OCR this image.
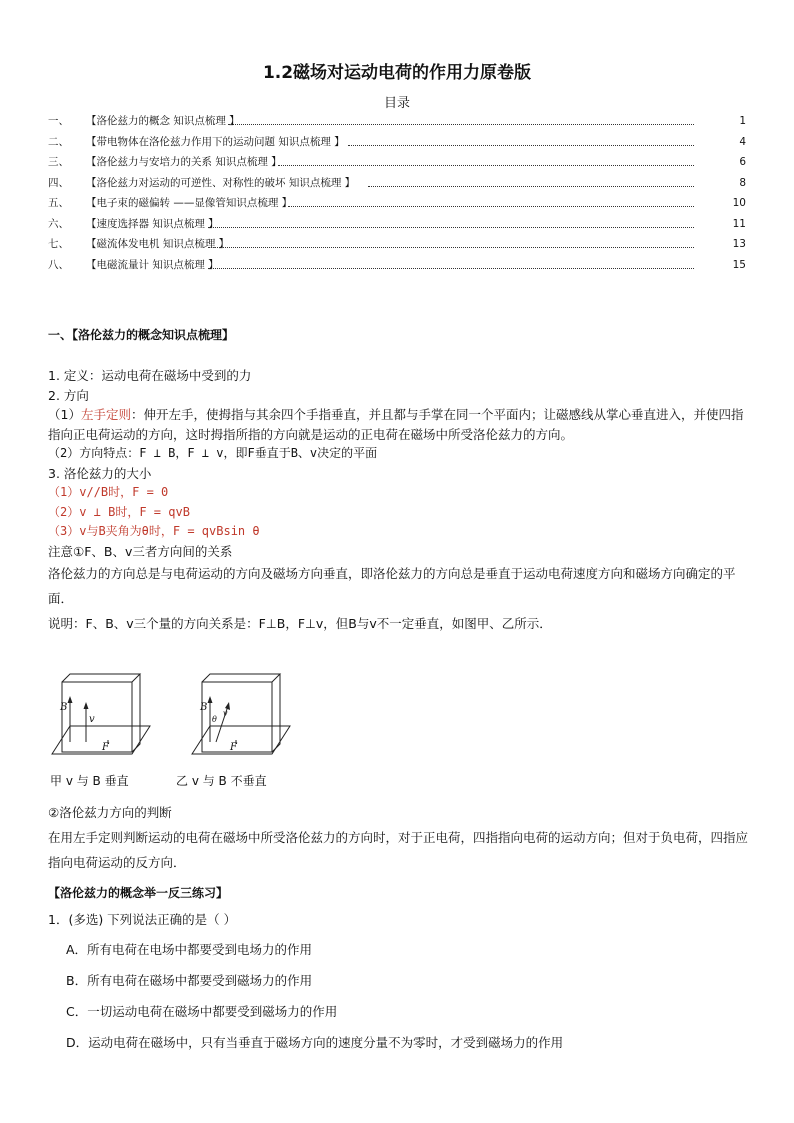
1.2磁场对运动电荷的作用力原卷版
目录
一、	【洛伦兹力的概念 知识点梳理 】	1
二、	【带电物体在洛伦兹力作用下的运动问题 知识点梳理 】	4
三、	【洛伦兹力与安培力的关系 知识点梳理 】	6
四、	【洛伦兹力对运动的可逆性、对称性的破坏 知识点梳理 】	8
五、	【电子束的磁偏转 ——显像管知识点梳理 】	10
六、	【速度选择器 知识点梳理 】	11
七、	【磁流体发电机 知识点梳理 】	13
八、	【电磁流量计 知识点梳理 】	15
一、【洛伦兹力的概念知识点梳理】

1. 定义：运动电荷在磁场中受到的力

2. 方向

（1）左手定则：伸开左手，使拇指与其余四个手指垂直，并且都与手掌在同一个平面内；让磁感线从掌心垂直进入，并使四指指向正电荷运动的方向，这时拇指所指的方向就是运动的正电荷在磁场中所受洛伦兹力的方向。

（2）方向特点：F ⊥ B，F ⊥ v，即F垂直于B、v决定的平面

3. 洛伦兹力的大小

（1）v//B时，F = 0

（2）v ⊥ B时，F = qvB

（3）v与B夹角为θ时，F = qvBsin θ

注意①F、B、v三者方向间的关系

洛伦兹力的方向总是与电荷运动的方向及磁场方向垂直，即洛伦兹力的方向总是垂直于运动电荷速度方向和磁场方向确定的平面．

说明：F、B、v三个量的方向关系是：F⊥B，F⊥v，但B与v不一定垂直，如图甲、乙所示．

B
v
F
B
θ
v
F
甲 v 与 B 垂直	乙 v 与 B 不垂直

②洛伦兹力方向的判断

在用左手定则判断运动的电荷在磁场中所受洛伦兹力的方向时，对于正电荷，四指指向电荷的运动方向；但对于负电荷，四指应指向电荷运动的反方向．

【洛伦兹力的概念举一反三练习】
1．(多选) 下列说法正确的是（ ）
A．所有电荷在电场中都要受到电场力的作用
B．所有电荷在磁场中都要受到磁场力的作用
C．一切运动电荷在磁场中都要受到磁场力的作用
D．运动电荷在磁场中，只有当垂直于磁场方向的速度分量不为零时，才受到磁场力的作用
